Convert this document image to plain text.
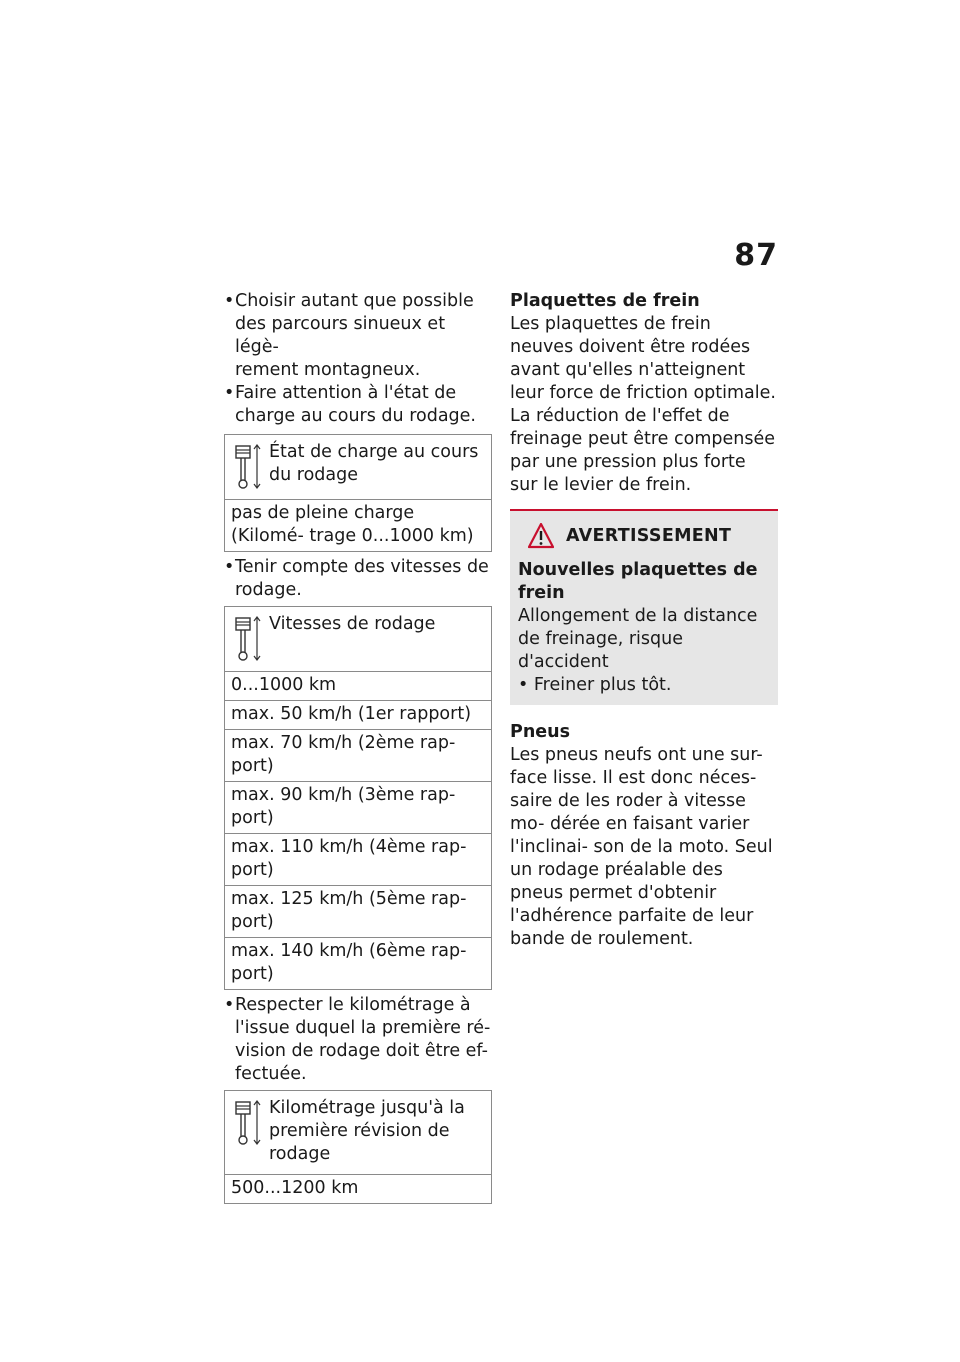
87
• Choisir autant que possible
des parcours sinueux et légè-
rement montagneux.
• Faire attention à l'état de
charge au cours du rodage.
État de charge au cours
du rodage
pas de pleine charge (Kilomé- trage 0...1000 km)
• Tenir compte des vitesses de
rodage.
Vitesses de rodage
0...1000 km
max. 50 km/h (1er rapport)
max. 70 km/h (2ème rap- port)
max. 90 km/h (3ème rap- port)
max. 110 km/h (4ème rap- port)
max. 125 km/h (5ème rap- port)
max. 140 km/h (6ème rap- port)
• Respecter le kilométrage à
l'issue duquel la première ré-
vision de rodage doit être ef-
fectuée.
Kilométrage jusqu'à la
première révision de
rodage
500...1200 km
Plaquettes de frein
Les plaquettes de frein neuves doivent être rodées avant qu'elles n'atteignent leur force de friction optimale. La réduction de l'effet de freinage peut être compensée par une pression plus forte sur le levier de frein.
AVERTISSEMENT
Nouvelles plaquettes de frein
Allongement de la distance de freinage, risque d'accident
• Freiner plus tôt.
Pneus
Les pneus neufs ont une sur- face lisse. Il est donc néces- saire de les roder à vitesse mo- dérée en faisant varier l'inclinai- son de la moto. Seul un rodage préalable des pneus permet d'obtenir l'adhérence parfaite de leur bande de roulement.
